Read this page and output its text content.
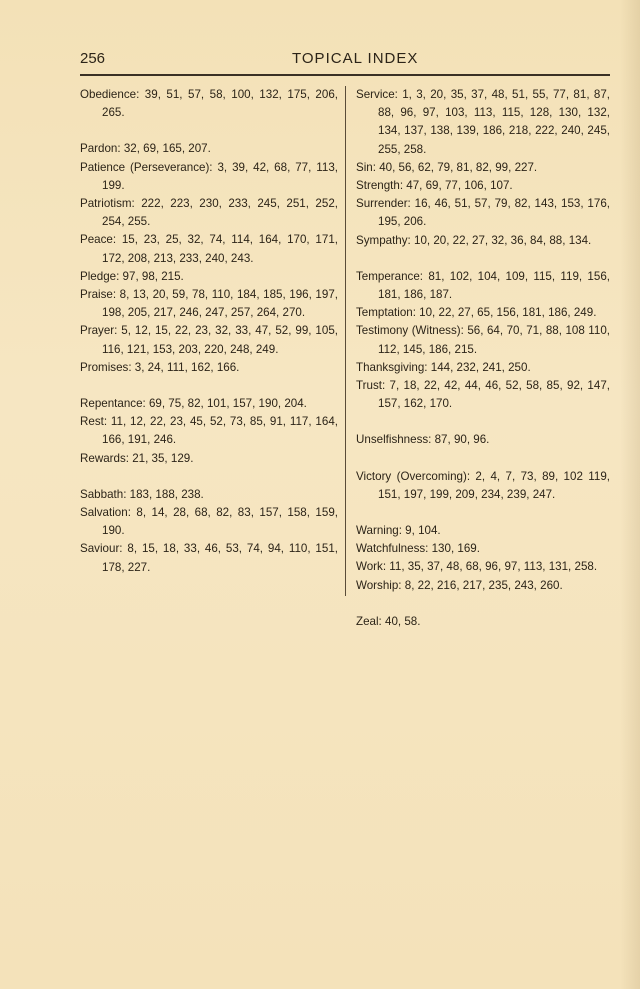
256	TOPICAL INDEX
Obedience: 39, 51, 57, 58, 100, 132, 175, 206, 265.
Pardon: 32, 69, 165, 207.
Patience (Perseverance): 3, 39, 42, 68, 77, 113, 199.
Patriotism: 222, 223, 230, 233, 245, 251, 252, 254, 255.
Peace: 15, 23, 25, 32, 74, 114, 164, 170, 171, 172, 208, 213, 233, 240, 243.
Pledge: 97, 98, 215.
Praise: 8, 13, 20, 59, 78, 110, 184, 185, 196, 197, 198, 205, 217, 246, 247, 257, 264, 270.
Prayer: 5, 12, 15, 22, 23, 32, 33, 47, 52, 99, 105, 116, 121, 153, 203, 220, 248, 249.
Promises: 3, 24, 111, 162, 166.
Repentance: 69, 75, 82, 101, 157, 190, 204.
Rest: 11, 12, 22, 23, 45, 52, 73, 85, 91, 117, 164, 166, 191, 246.
Rewards: 21, 35, 129.
Sabbath: 183, 188, 238.
Salvation: 8, 14, 28, 68, 82, 83, 157, 158, 159, 190.
Saviour: 8, 15, 18, 33, 46, 53, 74, 94, 110, 151, 178, 227.
Service: 1, 3, 20, 35, 37, 48, 51, 55, 77, 81, 87, 88, 96, 97, 103, 113, 115, 128, 130, 132, 134, 137, 138, 139, 186, 218, 222, 240, 245, 255, 258.
Sin: 40, 56, 62, 79, 81, 82, 99, 227.
Strength: 47, 69, 77, 106, 107.
Surrender: 16, 46, 51, 57, 79, 82, 143, 153, 176, 195, 206.
Sympathy: 10, 20, 22, 27, 32, 36, 84, 88, 134.
Temperance: 81, 102, 104, 109, 115, 119, 156, 181, 186, 187.
Temptation: 10, 22, 27, 65, 156, 181, 186, 249.
Testimony (Witness): 56, 64, 70, 71, 88, 108 110, 112, 145, 186, 215.
Thanksgiving: 144, 232, 241, 250.
Trust: 7, 18, 22, 42, 44, 46, 52, 58, 85, 92, 147, 157, 162, 170.
Unselfishness: 87, 90, 96.
Victory (Overcoming): 2, 4, 7, 73, 89, 102 119, 151, 197, 199, 209, 234, 239, 247.
Warning: 9, 104.
Watchfulness: 130, 169.
Work: 11, 35, 37, 48, 68, 96, 97, 113, 131, 258.
Worship: 8, 22, 216, 217, 235, 243, 260.
Zeal: 40, 58.
